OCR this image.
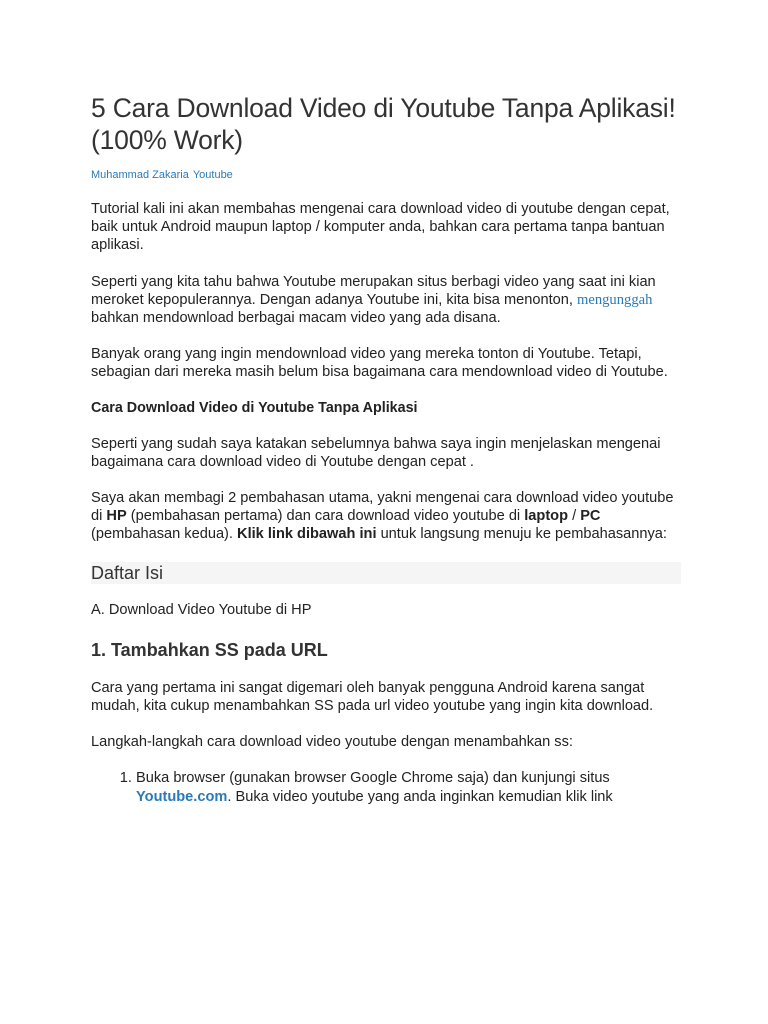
5 Cara Download Video di Youtube Tanpa Aplikasi! (100% Work)
Muhammad Zakaria Youtube

Tutorial kali ini akan membahas mengenai cara download video di youtube dengan cepat, baik untuk Android maupun laptop / komputer anda, bahkan cara pertama tanpa bantuan aplikasi.

Seperti yang kita tahu bahwa Youtube merupakan situs berbagi video yang saat ini kian meroket kepopulerannya. Dengan adanya Youtube ini, kita bisa menonton, mengunggah bahkan mendownload berbagai macam video yang ada disana.

Banyak orang yang ingin mendownload video yang mereka tonton di Youtube. Tetapi, sebagian dari mereka masih belum bisa bagaimana cara mendownload video di Youtube.

Cara Download Video di Youtube Tanpa Aplikasi

Seperti yang sudah saya katakan sebelumnya bahwa saya ingin menjelaskan mengenai bagaimana cara download video di Youtube dengan cepat .

Saya akan membagi 2 pembahasan utama, yakni mengenai cara download video youtube di HP (pembahasan pertama) dan cara download video youtube di laptop / PC (pembahasan kedua). Klik link dibawah ini untuk langsung menuju ke pembahasannya:

Daftar Isi

A. Download Video Youtube di HP

1. Tambahkan SS pada URL

Cara yang pertama ini sangat digemari oleh banyak pengguna Android karena sangat mudah, kita cukup menambahkan SS pada url video youtube yang ingin kita download.

Langkah-langkah cara download video youtube dengan menambahkan ss:

1. Buka browser (gunakan browser Google Chrome saja) dan kunjungi situs Youtube.com. Buka video youtube yang anda inginkan kemudian klik link
